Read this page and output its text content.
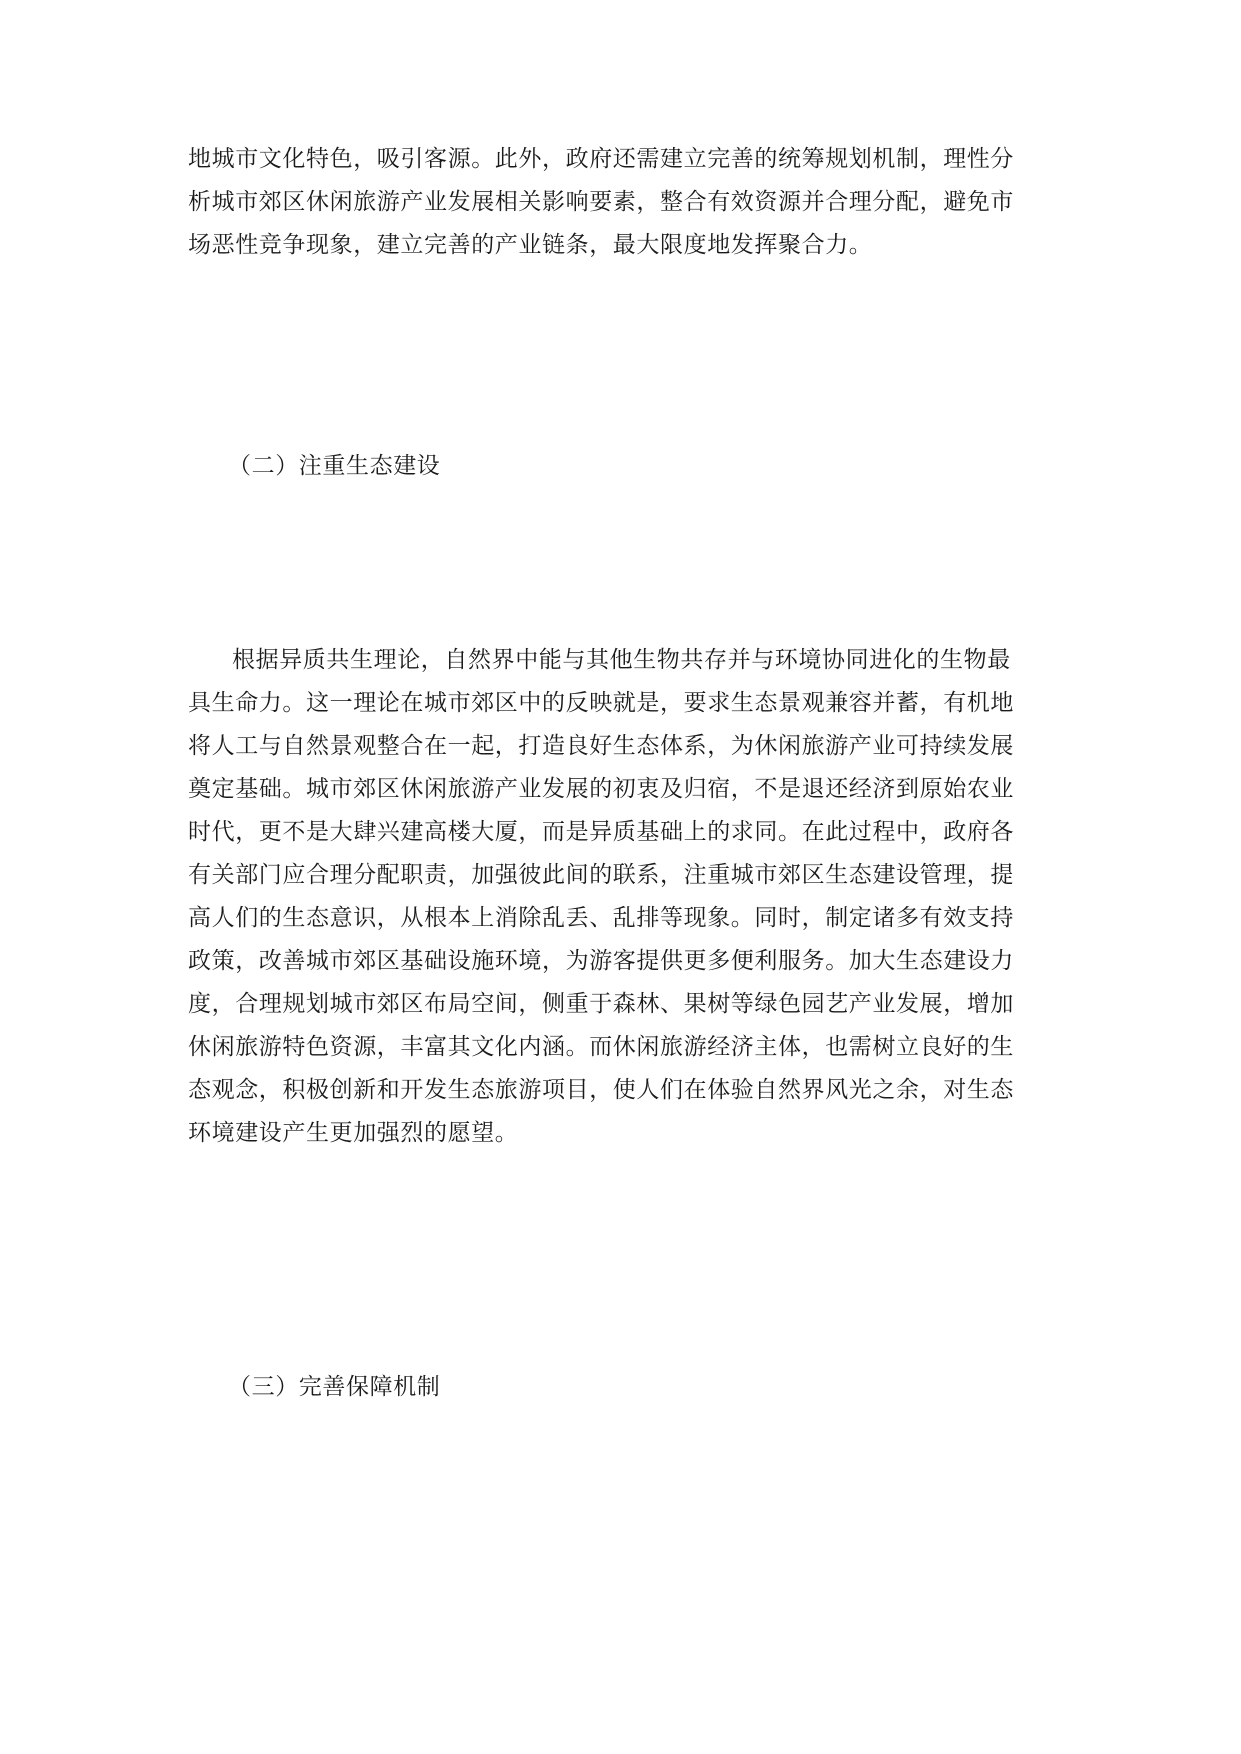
地城市文化特色，吸引客源。此外，政府还需建立完善的统筹规划机制，理性分
析城市郊区休闲旅游产业发展相关影响要素，整合有效资源并合理分配，避免市
场恶性竞争现象，建立完善的产业链条，最大限度地发挥聚合力。
（二）注重生态建设
根据异质共生理论，自然界中能与其他生物共存并与环境协同进化的生物最
具生命力。这一理论在城市郊区中的反映就是，要求生态景观兼容并蓄，有机地
将人工与自然景观整合在一起，打造良好生态体系，为休闲旅游产业可持续发展
奠定基础。城市郊区休闲旅游产业发展的初衷及归宿，不是退还经济到原始农业
时代，更不是大肆兴建高楼大厦，而是异质基础上的求同。在此过程中，政府各
有关部门应合理分配职责，加强彼此间的联系，注重城市郊区生态建设管理，提
高人们的生态意识，从根本上消除乱丢、乱排等现象。同时，制定诸多有效支持
政策，改善城市郊区基础设施环境，为游客提供更多便利服务。加大生态建设力
度，合理规划城市郊区布局空间，侧重于森林、果树等绿色园艺产业发展，增加
休闲旅游特色资源，丰富其文化内涵。而休闲旅游经济主体，也需树立良好的生
态观念，积极创新和开发生态旅游项目，使人们在体验自然界风光之余，对生态
环境建设产生更加强烈的愿望。
（三）完善保障机制
